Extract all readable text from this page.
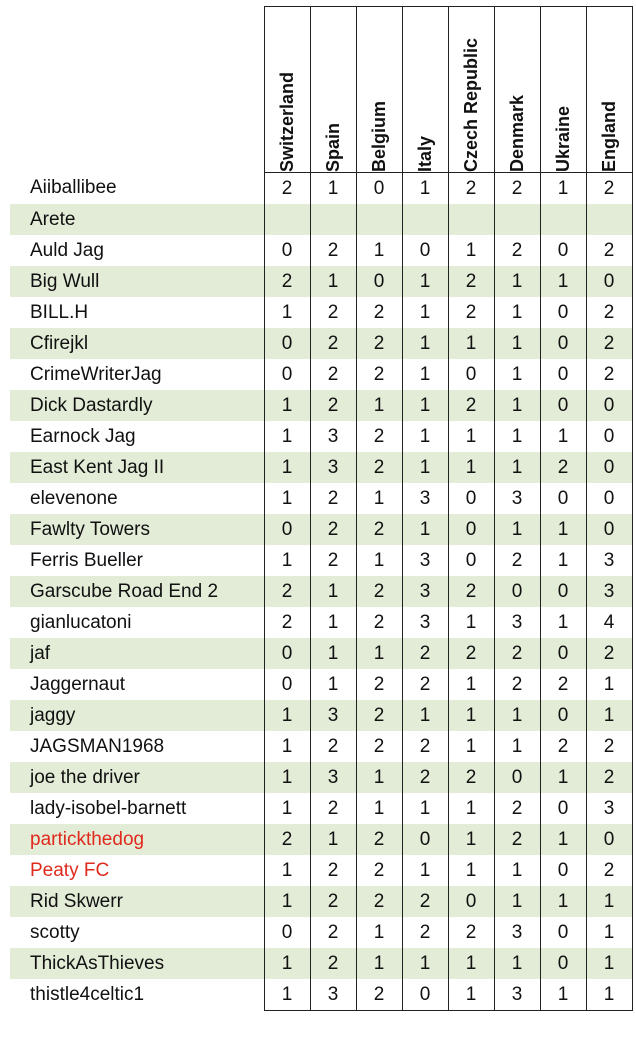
	Switzerland	Spain	Belgium	Italy	Czech Republic	Denmark	Ukraine	England

Aiiballibee	2	1	0	1	2	2	1	2
Arete								
Auld Jag	0	2	1	0	1	2	0	2
Big Wull	2	1	0	1	2	1	1	0
BILL.H	1	2	2	1	2	1	0	2
Cfirejkl	0	2	2	1	1	1	0	2
CrimeWriterJag	0	2	2	1	0	1	0	2
Dick Dastardly	1	2	1	1	2	1	0	0
Earnock Jag	1	3	2	1	1	1	1	0
East Kent Jag II	1	3	2	1	1	1	2	0
elevenone	1	2	1	3	0	3	0	0
Fawlty Towers	0	2	2	1	0	1	1	0
Ferris Bueller	1	2	1	3	0	2	1	3
Garscube Road End 2	2	1	2	3	2	0	0	3
gianlucatoni	2	1	2	3	1	3	1	4
jaf	0	1	1	2	2	2	0	2
Jaggernaut	0	1	2	2	1	2	2	1
jaggy	1	3	2	1	1	1	0	1
JAGSMAN1968	1	2	2	2	1	1	2	2
joe the driver	1	3	1	2	2	0	1	2
lady-isobel-barnett	1	2	1	1	1	2	0	3
partickthedog	2	1	2	0	1	2	1	0
Peaty FC	1	2	2	1	1	1	0	2
Rid Skwerr	1	2	2	2	0	1	1	1
scotty	0	2	1	2	2	3	0	1
ThickAsThieves	1	2	1	1	1	1	0	1
thistle4celtic1	1	3	2	0	1	3	1	1
